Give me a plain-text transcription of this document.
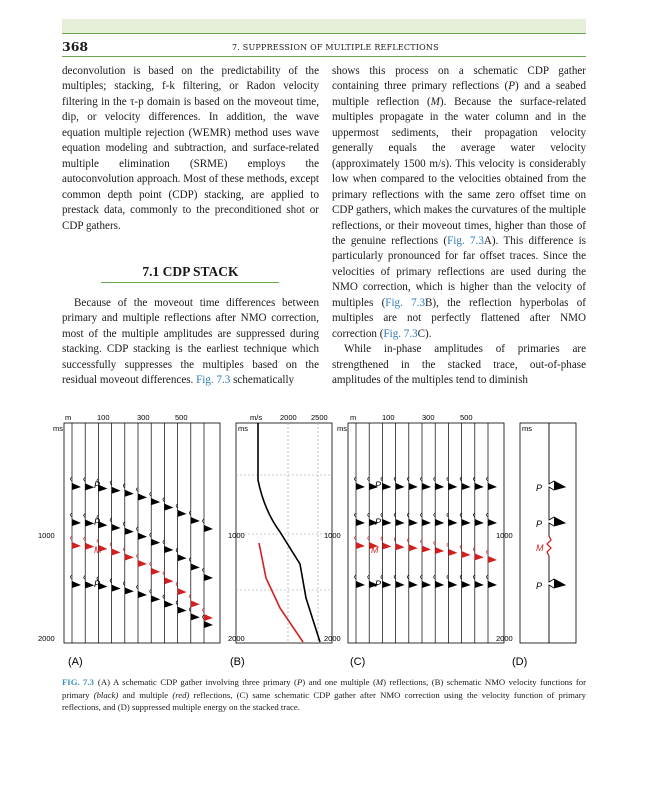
368	7. SUPPRESSION OF MULTIPLE REFLECTIONS

deconvolution is based on the predictability of the multiples; stacking, f-k filtering, or Radon velocity filtering in the τ-p domain is based on the moveout time, dip, or velocity differences. In addition, the wave equation multiple rejection (WEMR) method uses wave equation modeling and subtraction, and surface-related multiple elimination (SRME) employs the autoconvolution approach. Most of these methods, except common depth point (CDP) stacking, are applied to prestack data, commonly to the preconditioned shot or CDP gathers.

7.1 CDP STACK

Because of the moveout time differences between primary and multiple reflections after NMO correction, most of the multiple amplitudes are suppressed during stacking. CDP stacking is the earliest technique which successfully suppresses the multiples based on the residual moveout differences. Fig. 7.3 schematically

shows this process on a schematic CDP gather containing three primary reflections (P) and a seabed multiple reflection (M). Because the surface-related multiples propagate in the water column and in the uppermost sediments, their propagation velocity generally equals the average water velocity (approximately 1500 m/s). This velocity is considerably low when compared to the velocities obtained from the primary reflections with the same zero offset time on CDP gathers, which makes the curvatures of the multiple reflections, or their moveout times, higher than those of the genuine reflections (Fig. 7.3A). This difference is particularly pronounced for far offset traces. Since the velocities of primary reflections are used during the NMO correction, which is higher than the velocity of multiples (Fig. 7.3B), the reflection hyperbolas of multiples are not perfectly flattened after NMO correction (Fig. 7.3C).

While in-phase amplitudes of primaries are strengthened in the stacked trace, out-of-phase amplitudes of the multiples tend to diminish

m	100	300	500
ms
1000
2000
(A)
P
P
M
P
m/s 2000 2500
ms
1000
2000
(B)
m	100	300	500
ms
1000
2000
(C)
P
P
M
P
ms
1000
2000
(D)
P
P
M
P
FIG. 7.3 (A) A schematic CDP gather involving three primary (P) and one multiple (M) reflections, (B) schematic NMO velocity functions for primary (black) and multiple (red) reflections, (C) same schematic CDP gather after NMO correction using the velocity function of primary reflections, and (D) suppressed multiple energy on the stacked trace.
